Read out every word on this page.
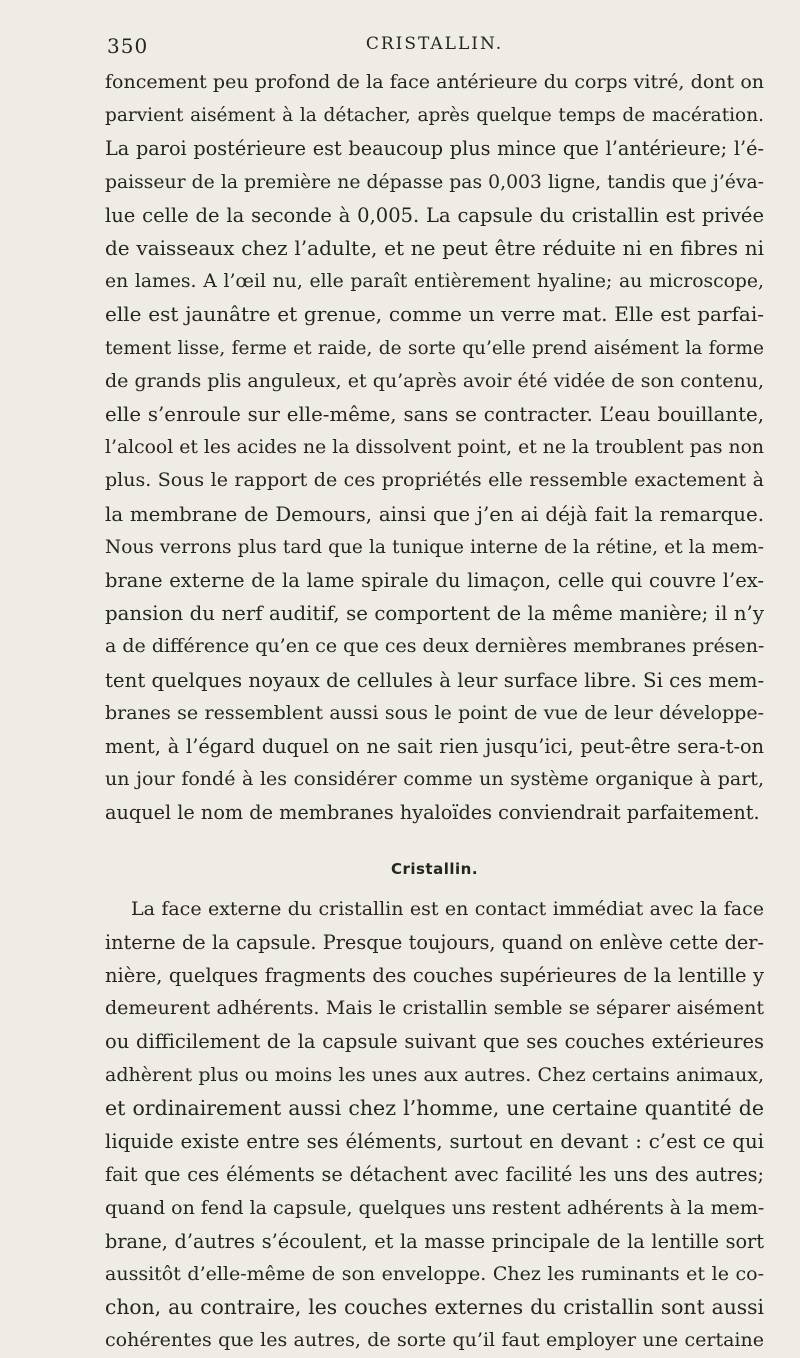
350	CRISTALLIN.
foncement peu profond de la face antérieure du corps vitré, dont on
parvient aisément à la détacher, après quelque temps de macération.
La paroi postérieure est beaucoup plus mince que l’antérieure; l’é-
paisseur de la première ne dépasse pas 0,003 ligne, tandis que j’éva-
lue celle de la seconde à 0,005. La capsule du cristallin est privée
de vaisseaux chez l’adulte, et ne peut être réduite ni en fibres ni
en lames. A l’œil nu, elle paraît entièrement hyaline; au microscope,
elle est jaunâtre et grenue, comme un verre mat. Elle est parfai-
tement lisse, ferme et raide, de sorte qu’elle prend aisément la forme
de grands plis anguleux, et qu’après avoir été vidée de son contenu,
elle s’enroule sur elle-même, sans se contracter. L’eau bouillante,
l’alcool et les acides ne la dissolvent point, et ne la troublent pas non
plus. Sous le rapport de ces propriétés elle ressemble exactement à
la membrane de Demours, ainsi que j’en ai déjà fait la remarque.
Nous verrons plus tard que la tunique interne de la rétine, et la mem-
brane externe de la lame spirale du limaçon, celle qui couvre l’ex-
pansion du nerf auditif, se comportent de la même manière; il n’y
a de différence qu’en ce que ces deux dernières membranes présen-
tent quelques noyaux de cellules à leur surface libre. Si ces mem-
branes se ressemblent aussi sous le point de vue de leur développe-
ment, à l’égard duquel on ne sait rien jusqu’ici, peut-être sera-t-on
un jour fondé à les considérer comme un système organique à part,
auquel le nom de membranes hyaloïdes conviendrait parfaitement.
Cristallin.
La face externe du cristallin est en contact immédiat avec la face
interne de la capsule. Presque toujours, quand on enlève cette der-
nière, quelques fragments des couches supérieures de la lentille y
demeurent adhérents. Mais le cristallin semble se séparer aisément
ou difficilement de la capsule suivant que ses couches extérieures
adhèrent plus ou moins les unes aux autres. Chez certains animaux,
et ordinairement aussi chez l’homme, une certaine quantité de
liquide existe entre ses éléments, surtout en devant : c’est ce qui
fait que ces éléments se détachent avec facilité les uns des autres;
quand on fend la capsule, quelques uns restent adhérents à la mem-
brane, d’autres s’écoulent, et la masse principale de la lentille sort
aussitôt d’elle-même de son enveloppe. Chez les ruminants et le co-
chon, au contraire, les couches externes du cristallin sont aussi
cohérentes que les autres, de sorte qu’il faut employer une certaine
